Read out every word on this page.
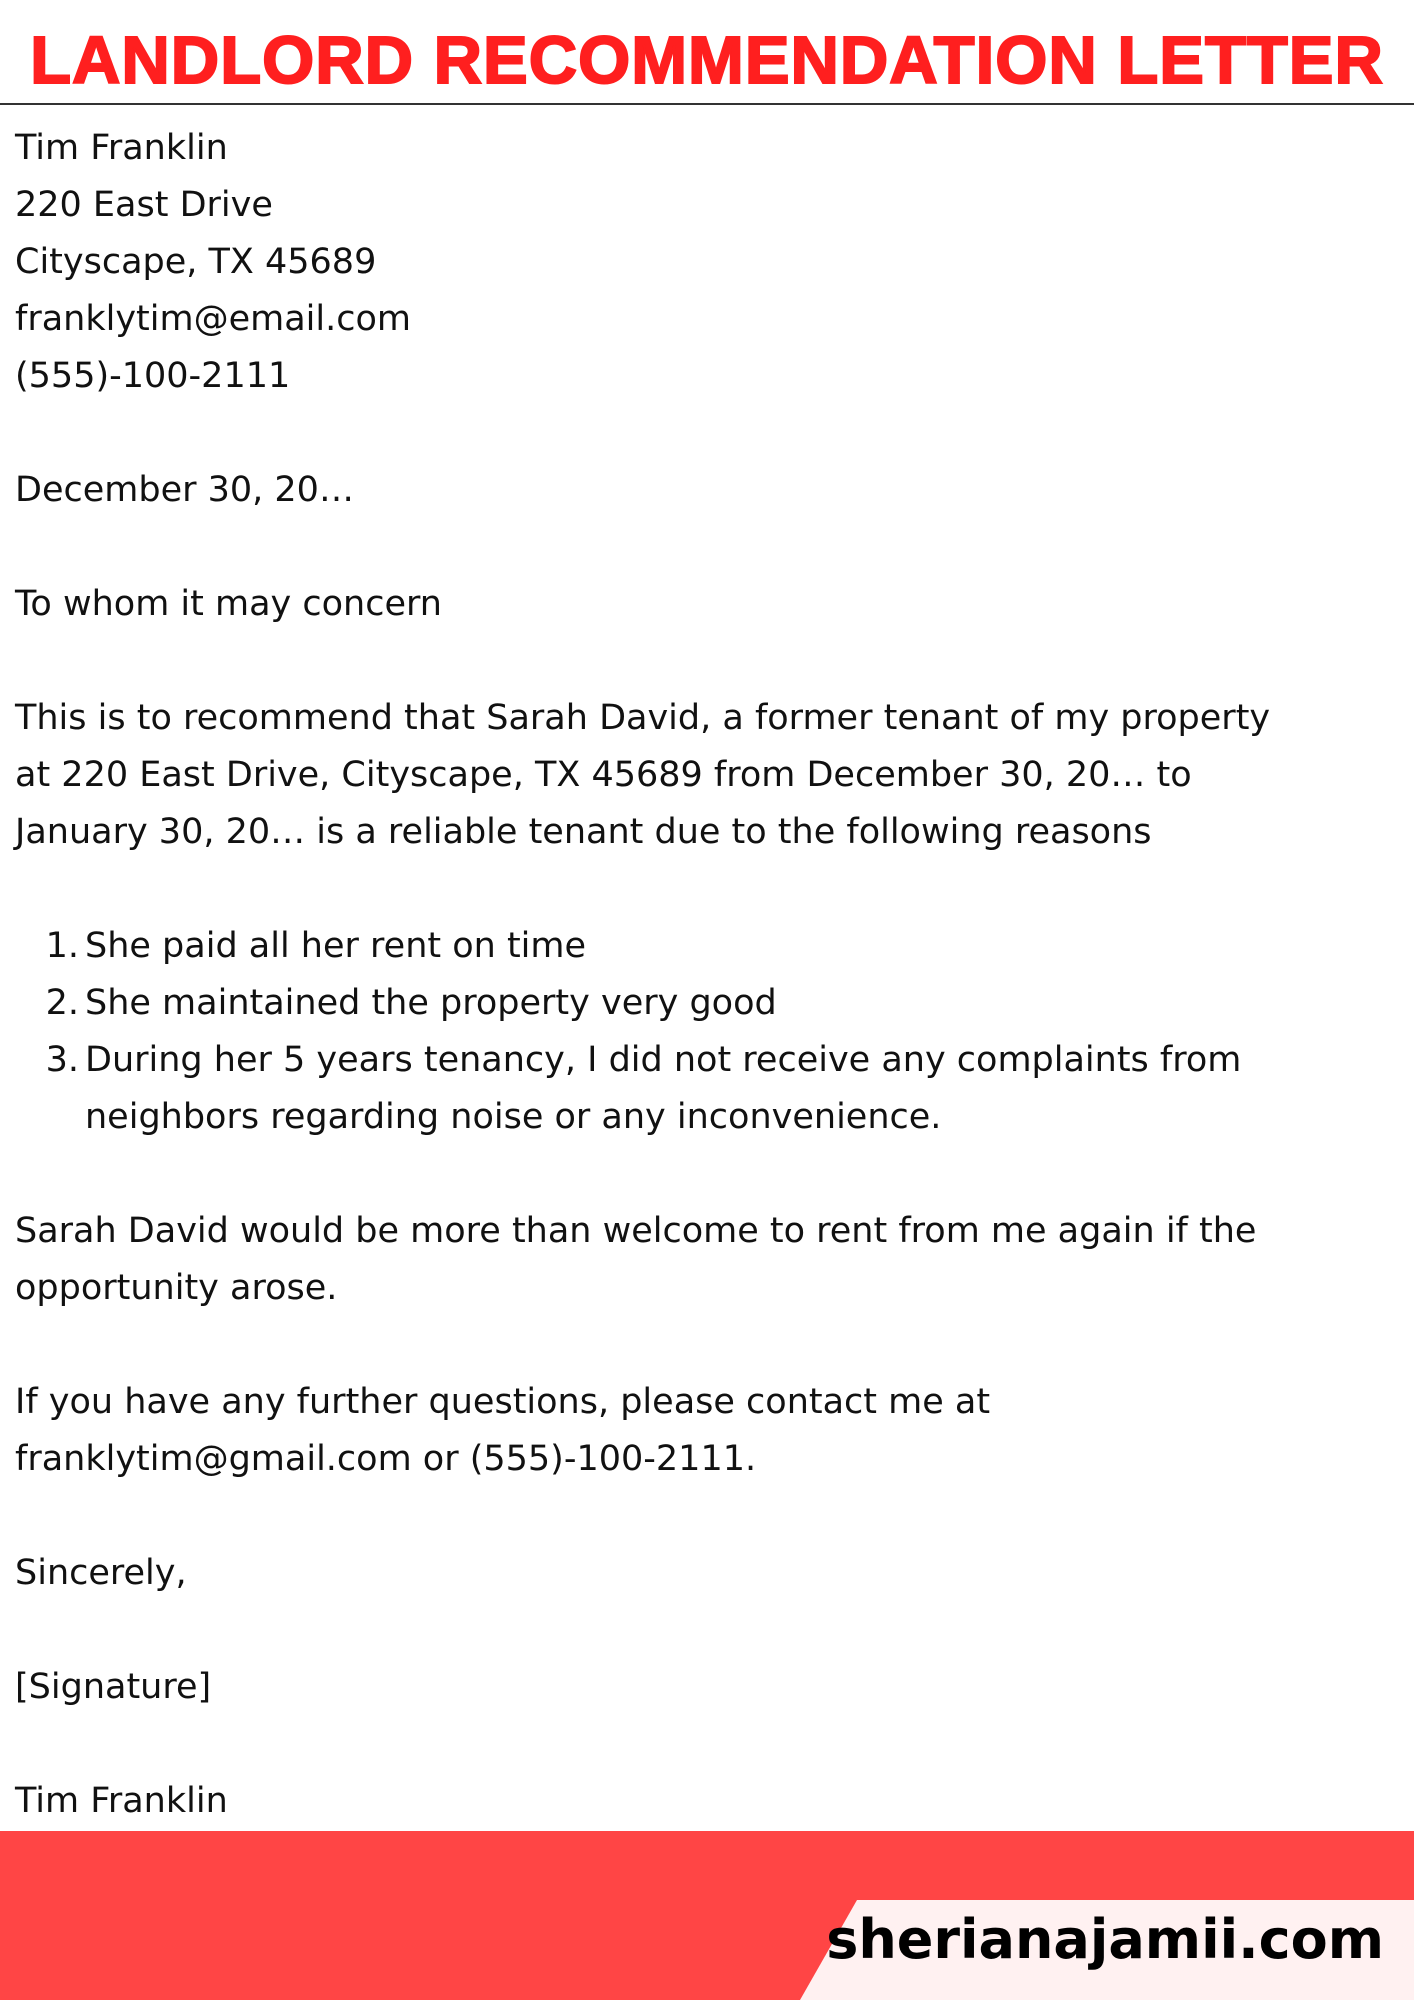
LANDLORD RECOMMENDATION LETTER
Tim Franklin
220 East Drive
Cityscape, TX 45689
franklytim@email.com
(555)-100-2111
December 30, 20…
To whom it may concern
This is to recommend that Sarah David, a former tenant of my property
at 220 East Drive, Cityscape, TX 45689 from December 30, 20… to
January 30, 20… is a reliable tenant due to the following reasons
1. She paid all her rent on time
2. She maintained the property very good
3. During her 5 years tenancy, I did not receive any complaints from
neighbors regarding noise or any inconvenience.
Sarah David would be more than welcome to rent from me again if the
opportunity arose.
If you have any further questions, please contact me at
franklytim@gmail.com or (555)-100-2111.
Sincerely,
[Signature]
Tim Franklin
sherianajamii.com
